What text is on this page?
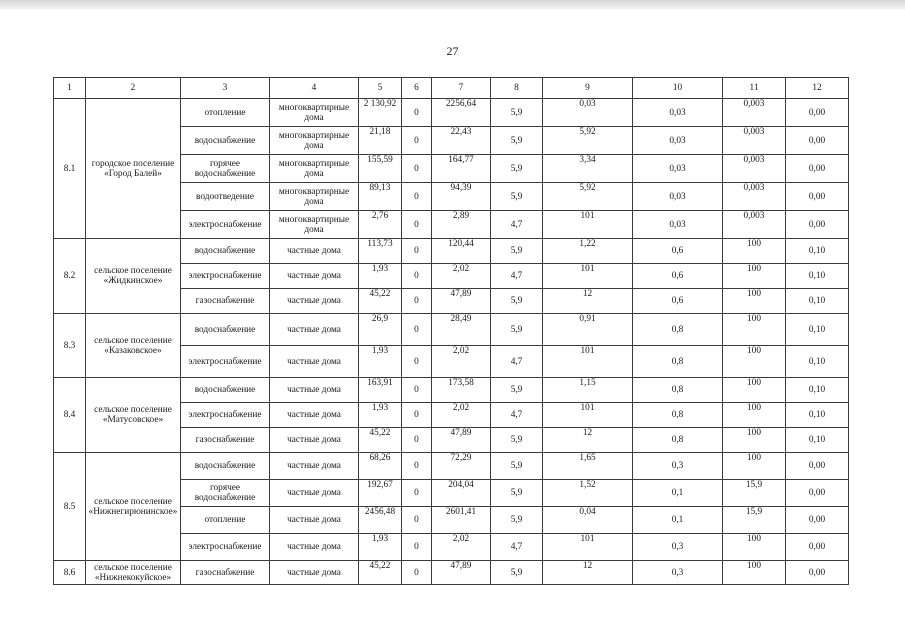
27
1	2	3	4	5	6	7	8	9	10	11	12
8.1	городское поселение «Город Балей»	отопление	многоквартирные дома	2 130,92	0	2256,64	5,9	0,03	0,03	0,003	0,00
		водоснабжение	многоквартирные дома	21,18	0	22,43	5,9	5,92	0,03	0,003	0,00
		горячее водоснабжение	многоквартирные дома	155,59	0	164,77	5,9	3,34	0,03	0,003	0,00
		водоотведение	многоквартирные дома	89,13	0	94,39	5,9	5,92	0,03	0,003	0,00
		электроснабжение	многоквартирные дома	2,76	0	2,89	4,7	101	0,03	0,003	0,00
8.2	сельское поселение «Жидкинское»	водоснабжение	частные дома	113,73	0	120,44	5,9	1,22	0,6	100	0,10
		электроснабжение	частные дома	1,93	0	2,02	4,7	101	0,6	100	0,10
		газоснабжение	частные дома	45,22	0	47,89	5,9	12	0,6	100	0,10
8.3	сельское поселение «Казаковское»	водоснабжение	частные дома	26,9	0	28,49	5,9	0,91	0,8	100	0,10
		электроснабжение	частные дома	1,93	0	2,02	4,7	101	0,8	100	0,10
8.4	сельское поселение «Матусовское»	водоснабжение	частные дома	163,91	0	173,58	5,9	1,15	0,8	100	0,10
		электроснабжение	частные дома	1,93	0	2,02	4,7	101	0,8	100	0,10
		газоснабжение	частные дома	45,22	0	47,89	5,9	12	0,8	100	0,10
8.5	сельское поселение «Нижнегирюнинское»	водоснабжение	частные дома	68,26	0	72,29	5,9	1,65	0,3	100	0,00
		горячее водоснабжение	частные дома	192,67	0	204,04	5,9	1,52	0,1	15,9	0,00
		отопление	частные дома	2456,48	0	2601,41	5,9	0,04	0,1	15,9	0,00
		электроснабжение	частные дома	1,93	0	2,02	4,7	101	0,3	100	0,00
8.6	сельское поселение «Нижнекокуйское»	газоснабжение	частные дома	45,22	0	47,89	5,9	12	0,3	100	0,00
